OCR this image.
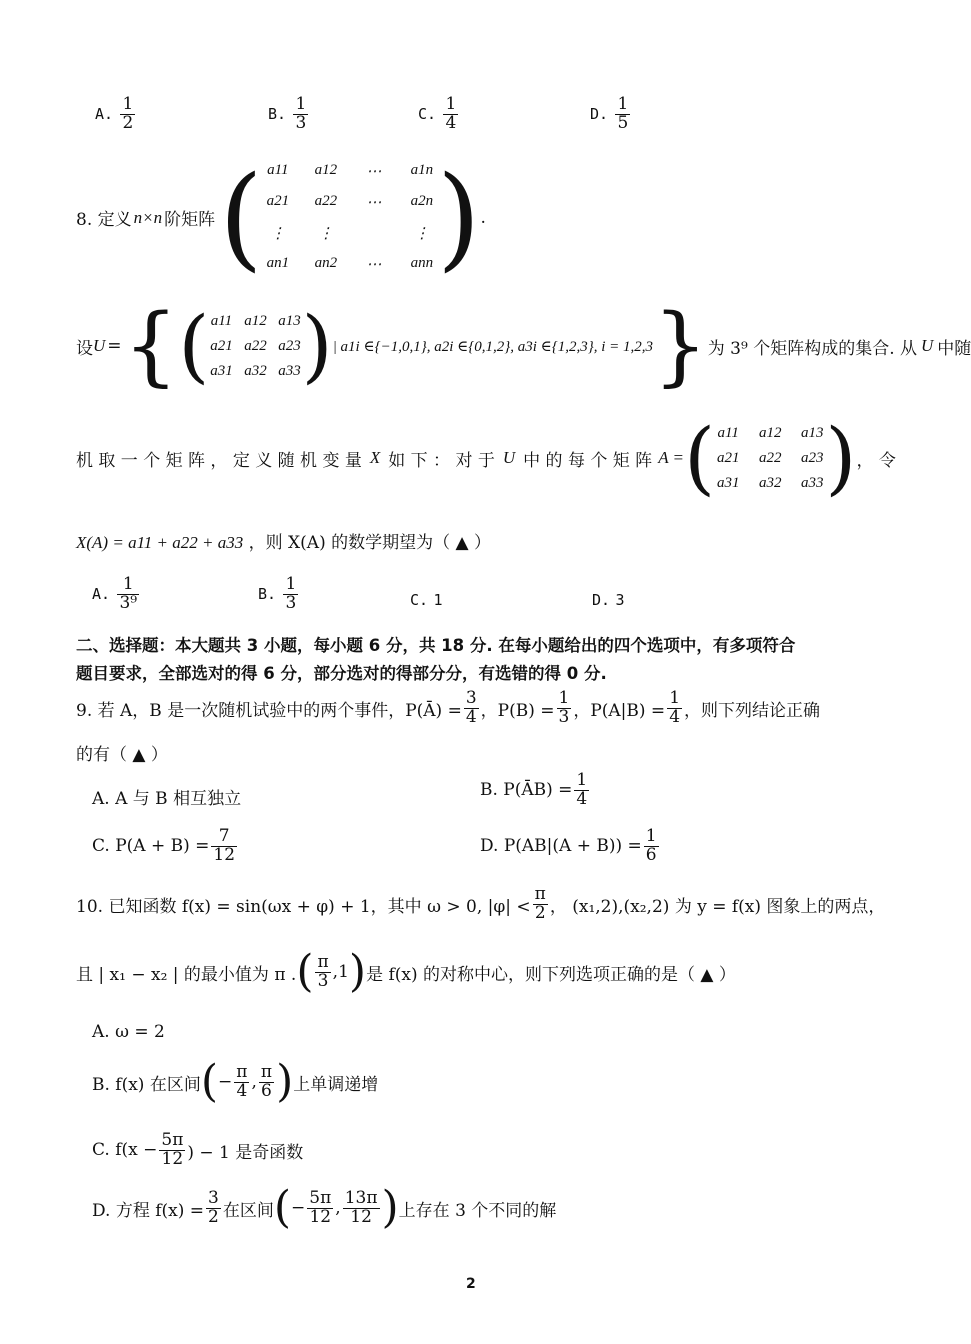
A. $\frac{1}{2}$	B. $\frac{1}{3}$	C. $\frac{1}{4}$	D. $\frac{1}{5}$
8. 定义 n×n 阶矩阵 ( a11 a12	⋯	a1n
a21 a22	⋯	a2n
⋮	⋮	⋮
an1 an2	⋯	ann ) .
设 U = { ( a11 a12 a13
a21 a22 a23
a31 a32 a33 ) | a1i ∈{−1,0,1}, a2i ∈{0,1,2}, a3i ∈{1,2,3}, i = 1,2,3 } 为 3⁹ 个矩阵构成的集合. 从 U 中随
机 取 一 个 矩 阵 ， 定 义 随 机 变 量 X 如 下 ： 对 于 U 中 的 每 个 矩 阵 A = ( a11 a12 a13
a21 a22 a23
a31 a32 a33 ) ， 令
X(A) = a11 + a22 + a33 ，则 X(A) 的数学期望为（ ▲ ）
A. $\frac{1}{\text{3⁹}}$	B. $\frac{1}{3}$	C. 1	D. 3
二、选择题：本大题共 3 小题，每小题 6 分，共 18 分. 在每小题给出的四个选项中，有多项符合
题目要求，全部选对的得 6 分，部分选对的得部分分，有选错的得 0 分.
9. 若 A，B 是一次随机试验中的两个事件，P(Ā) = $\frac{3}{4}$ ，$P(B) = \frac{1}{3}$ ，$P(A|B) = \frac{1}{4}$ ，则下列结论正确
的有（ ▲ ）
A. A 与 B 相互独立	B. P(ĀB) = $\frac{1}{4}$
C. $P(A + B) = \frac{7}{12}$	D. $P(AB|(A + B)) = \frac{1}{6}$
10. 已知函数 f(x) = sin(ωx + φ) + 1，其中 ω > 0, $|\varphi| < \frac{\pi}{2}$ ， (x₁,2),(x₂,2) 为 y = f(x) 图象上的两点，
且 | x₁ − x₂ | 的最小值为 π . ( $\frac{\pi}{3} ,1$ ) 是 f(x) 的对称中心，则下列选项正确的是（ ▲ ）
A. ω = 2
B. f(x) 在区间 ( − $\frac{\pi}{4}$ , $\frac{\pi}{6}$ ) 上单调递增
C. $f(x - \frac{5\pi}{12}$ ) − 1 是奇函数
D. 方程 $f(x) = \frac{3}{2}$ 在区间 ( − $\frac{5\pi}{12}$ , $\frac{13\pi}{12}$ ) 上存在 3 个不同的解
2
